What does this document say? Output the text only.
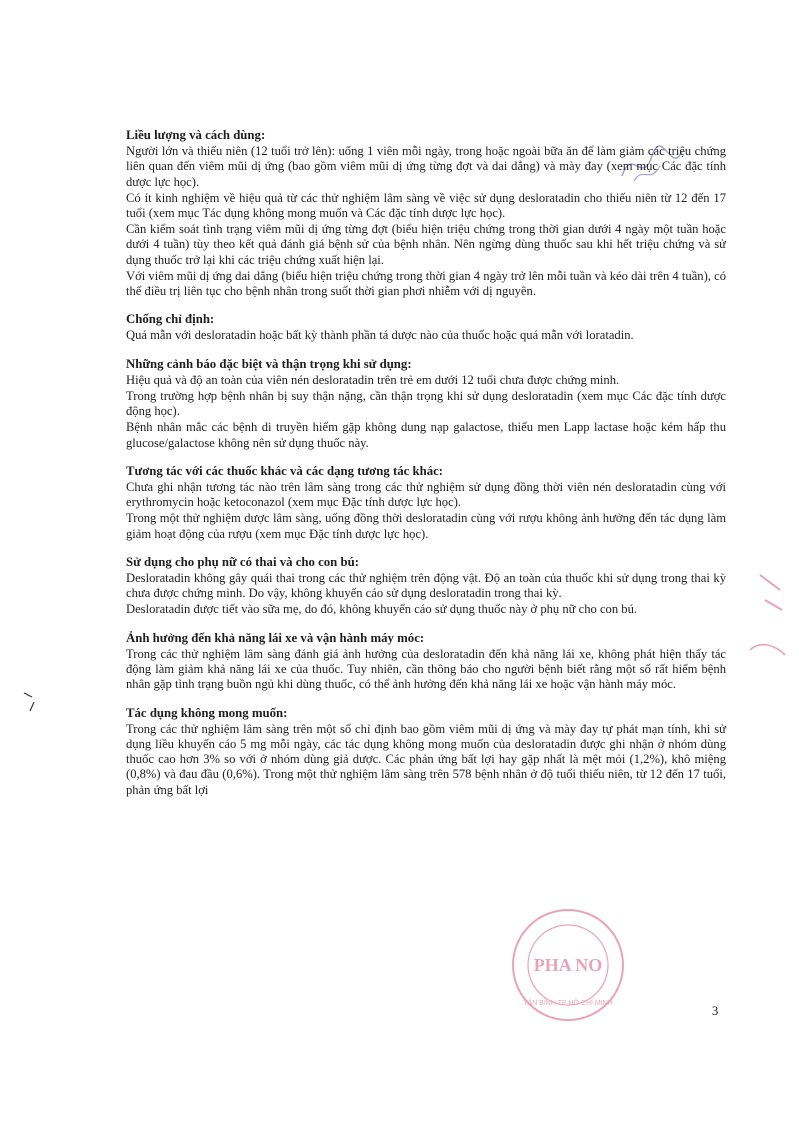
Liều lượng và cách dùng:

Người lớn và thiếu niên (12 tuổi trở lên): uống 1 viên mỗi ngày, trong hoặc ngoài bữa ăn để làm giảm các triệu chứng liên quan đến viêm mũi dị ứng (bao gồm viêm mũi dị ứng từng đợt và dai dẳng) và mày đay (xem mục Các đặc tính dược lực học).

Có ít kinh nghiệm về hiệu quả từ các thử nghiệm lâm sàng về việc sử dụng desloratadin cho thiếu niên từ 12 đến 17 tuổi (xem mục Tác dụng không mong muốn và Các đặc tính dược lực học).

Cần kiểm soát tình trạng viêm mũi dị ứng từng đợt (biểu hiện triệu chứng trong thời gian dưới 4 ngày một tuần hoặc dưới 4 tuần) tùy theo kết quả đánh giá bệnh sử của bệnh nhân. Nên ngừng dùng thuốc sau khi hết triệu chứng và sử dụng thuốc trở lại khi các triệu chứng xuất hiện lại.

Với viêm mũi dị ứng dai dẳng (biểu hiện triệu chứng trong thời gian 4 ngày trở lên mỗi tuần và kéo dài trên 4 tuần), có thể điều trị liên tục cho bệnh nhân trong suốt thời gian phơi nhiễm với dị nguyên.

Chống chỉ định:

Quá mẫn với desloratadin hoặc bất kỳ thành phần tá dược nào của thuốc hoặc quá mẫn với loratadin.

Những cảnh báo đặc biệt và thận trọng khi sử dụng:

Hiệu quả và độ an toàn của viên nén desloratadin trên trẻ em dưới 12 tuổi chưa được chứng minh.

Trong trường hợp bệnh nhân bị suy thận nặng, cần thận trọng khi sử dụng desloratadin (xem mục Các đặc tính dược động học).

Bệnh nhân mắc các bệnh di truyền hiếm gặp không dung nạp galactose, thiếu men Lapp lactase hoặc kém hấp thu glucose/galactose không nên sử dụng thuốc này.

Tương tác với các thuốc khác và các dạng tương tác khác:

Chưa ghi nhận tương tác nào trên lâm sàng trong các thử nghiệm sử dụng đồng thời viên nén desloratadin cùng với erythromycin hoặc ketoconazol (xem mục Đặc tính dược lực học).

Trong một thử nghiệm dược lâm sàng, uống đồng thời desloratadin cùng với rượu không ảnh hưởng đến tác dụng làm giảm hoạt động của rượu (xem mục Đặc tính dược lực học).

Sử dụng cho phụ nữ có thai và cho con bú:

Desloratadin không gây quái thai trong các thử nghiệm trên động vật. Độ an toàn của thuốc khi sử dụng trong thai kỳ chưa được chứng minh. Do vậy, không khuyến cáo sử dụng desloratadin trong thai kỳ.

Desloratadin được tiết vào sữa mẹ, do đó, không khuyến cáo sử dụng thuốc này ở phụ nữ cho con bú.

Ảnh hưởng đến khả năng lái xe và vận hành máy móc:

Trong các thử nghiệm lâm sàng đánh giá ảnh hưởng của desloratadin đến khả năng lái xe, không phát hiện thấy tác động làm giảm khả năng lái xe của thuốc. Tuy nhiên, cần thông báo cho người bệnh biết rằng một số rất hiếm bệnh nhân gặp tình trạng buồn ngủ khi dùng thuốc, có thể ảnh hưởng đến khả năng lái xe hoặc vận hành máy móc.

Tác dụng không mong muốn:

Trong các thử nghiệm lâm sàng trên một số chỉ định bao gồm viêm mũi dị ứng và mày đay tự phát mạn tính, khi sử dụng liều khuyến cáo 5 mg mỗi ngày, các tác dụng không mong muốn của desloratadin được ghi nhận ở nhóm dùng thuốc cao hơn 3% so với ở nhóm dùng giả dược. Các phản ứng bất lợi hay gặp nhất là mệt mỏi (1,2%), khô miệng (0,8%) và đau đầu (0,6%). Trong một thử nghiệm lâm sàng trên 578 bệnh nhân ở độ tuổi thiếu niên, từ 12 đến 17 tuổi, phản ứng bất lợi

PHA NO
TÂN BÌNH TP HỒ CHÍ MINH
3
